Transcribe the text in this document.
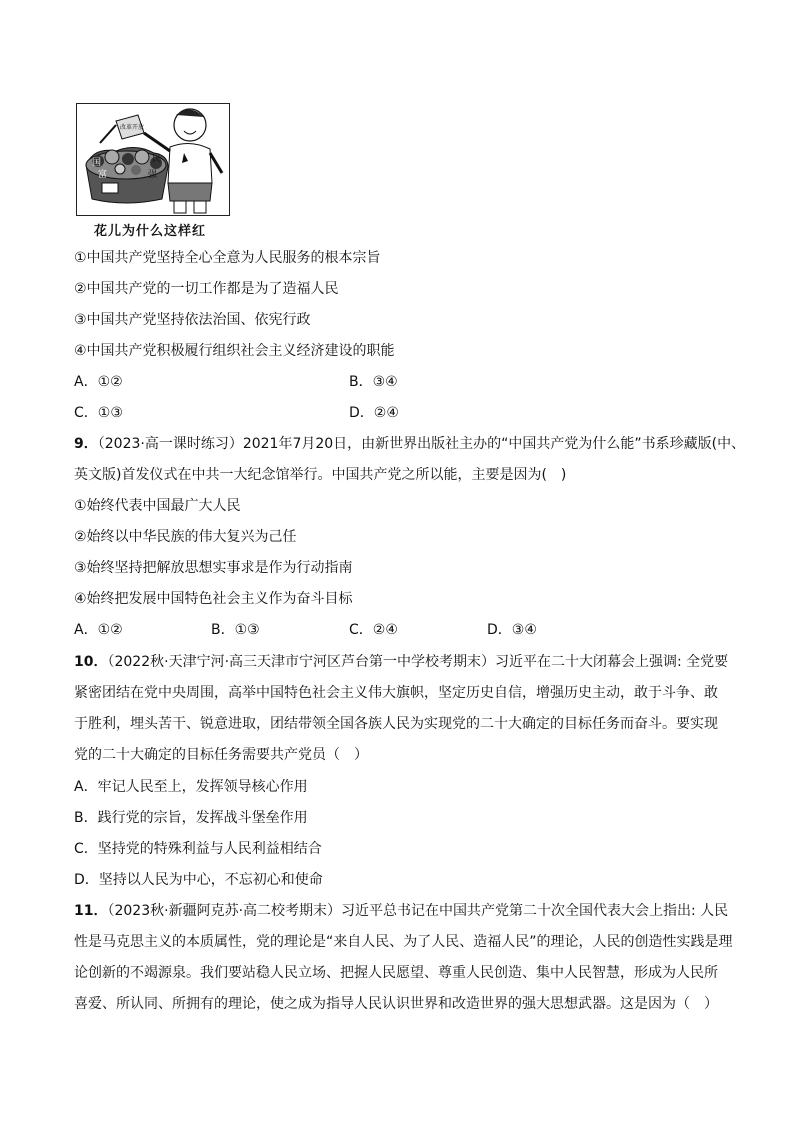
国
富
民
强
改革开放
花儿为什么这样红
①中国共产党坚持全心全意为人民服务的根本宗旨
②中国共产党的一切工作都是为了造福人民
③中国共产党坚持依法治国、依宪行政
④中国共产党积极履行组织社会主义经济建设的职能
A．①②	B．③④
C．①③	D．②④
9．（2023·高一课时练习）2021年7月20日，由新世界出版社主办的“中国共产党为什么能”书系珍藏版(中、
英文版)首发仪式在中共一大纪念馆举行。中国共产党之所以能，主要是因为(　)
①始终代表中国最广大人民
②始终以中华民族的伟大复兴为己任
③始终坚持把解放思想实事求是作为行动指南
④始终把发展中国特色社会主义作为奋斗目标
A．①②	B．①③	C．②④	D．③④
10．（2022秋·天津宁河·高三天津市宁河区芦台第一中学校考期末）习近平在二十大闭幕会上强调: 全党要
紧密团结在党中央周围，高举中国特色社会主义伟大旗帜，坚定历史自信，增强历史主动，敢于斗争、敢
于胜利，埋头苦干、锐意进取，团结带领全国各族人民为实现党的二十大确定的目标任务而奋斗。要实现
党的二十大确定的目标任务需要共产党员（　）
A．牢记人民至上，发挥领导核心作用
B．践行党的宗旨，发挥战斗堡垒作用
C．坚持党的特殊利益与人民利益相结合
D．坚持以人民为中心，不忘初心和使命
11．（2023秋·新疆阿克苏·高二校考期末）习近平总书记在中国共产党第二十次全国代表大会上指出: 人民
性是马克思主义的本质属性，党的理论是“来自人民、为了人民、造福人民”的理论，人民的创造性实践是理
论创新的不竭源泉。我们要站稳人民立场、把握人民愿望、尊重人民创造、集中人民智慧，形成为人民所
喜爱、所认同、所拥有的理论，使之成为指导人民认识世界和改造世界的强大思想武器。这是因为（　）
